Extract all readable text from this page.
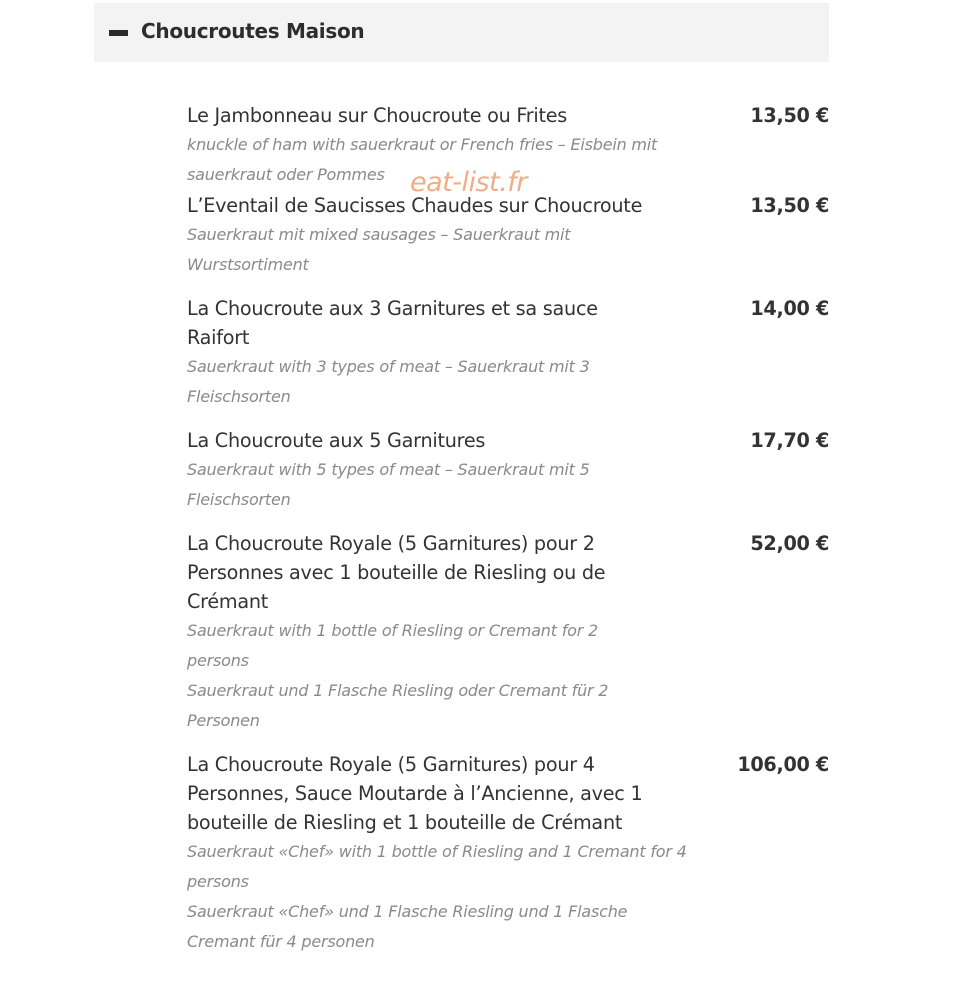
Choucroutes Maison
Le Jambonneau sur Choucroute ou Frites
knuckle of ham with sauerkraut or French fries – Eisbein mit sauerkraut oder Pommes
13,50 €
L’Eventail de Saucisses Chaudes sur Choucroute
Sauerkraut mit mixed sausages – Sauerkraut mit Wurstsortiment
13,50 €
La Choucroute aux 3 Garnitures et sa sauce Raifort
Sauerkraut with 3 types of meat – Sauerkraut mit 3 Fleischsorten
14,00 €
La Choucroute aux 5 Garnitures
Sauerkraut with 5 types of meat – Sauerkraut mit 5 Fleischsorten
17,70 €
La Choucroute Royale (5 Garnitures) pour 2 Personnes avec 1 bouteille de Riesling ou de Crémant
Sauerkraut with 1 bottle of Riesling or Cremant for 2 persons
Sauerkraut und 1 Flasche Riesling oder Cremant für 2 Personen
52,00 €
La Choucroute Royale (5 Garnitures) pour 4 Personnes, Sauce Moutarde à l’Ancienne, avec 1 bouteille de Riesling et 1 bouteille de Crémant
Sauerkraut «Chef» with 1 bottle of Riesling and 1 Cremant for 4 persons
Sauerkraut «Chef» und 1 Flasche Riesling und 1 Flasche Cremant für 4 personen
106,00 €
eat-list.fr
